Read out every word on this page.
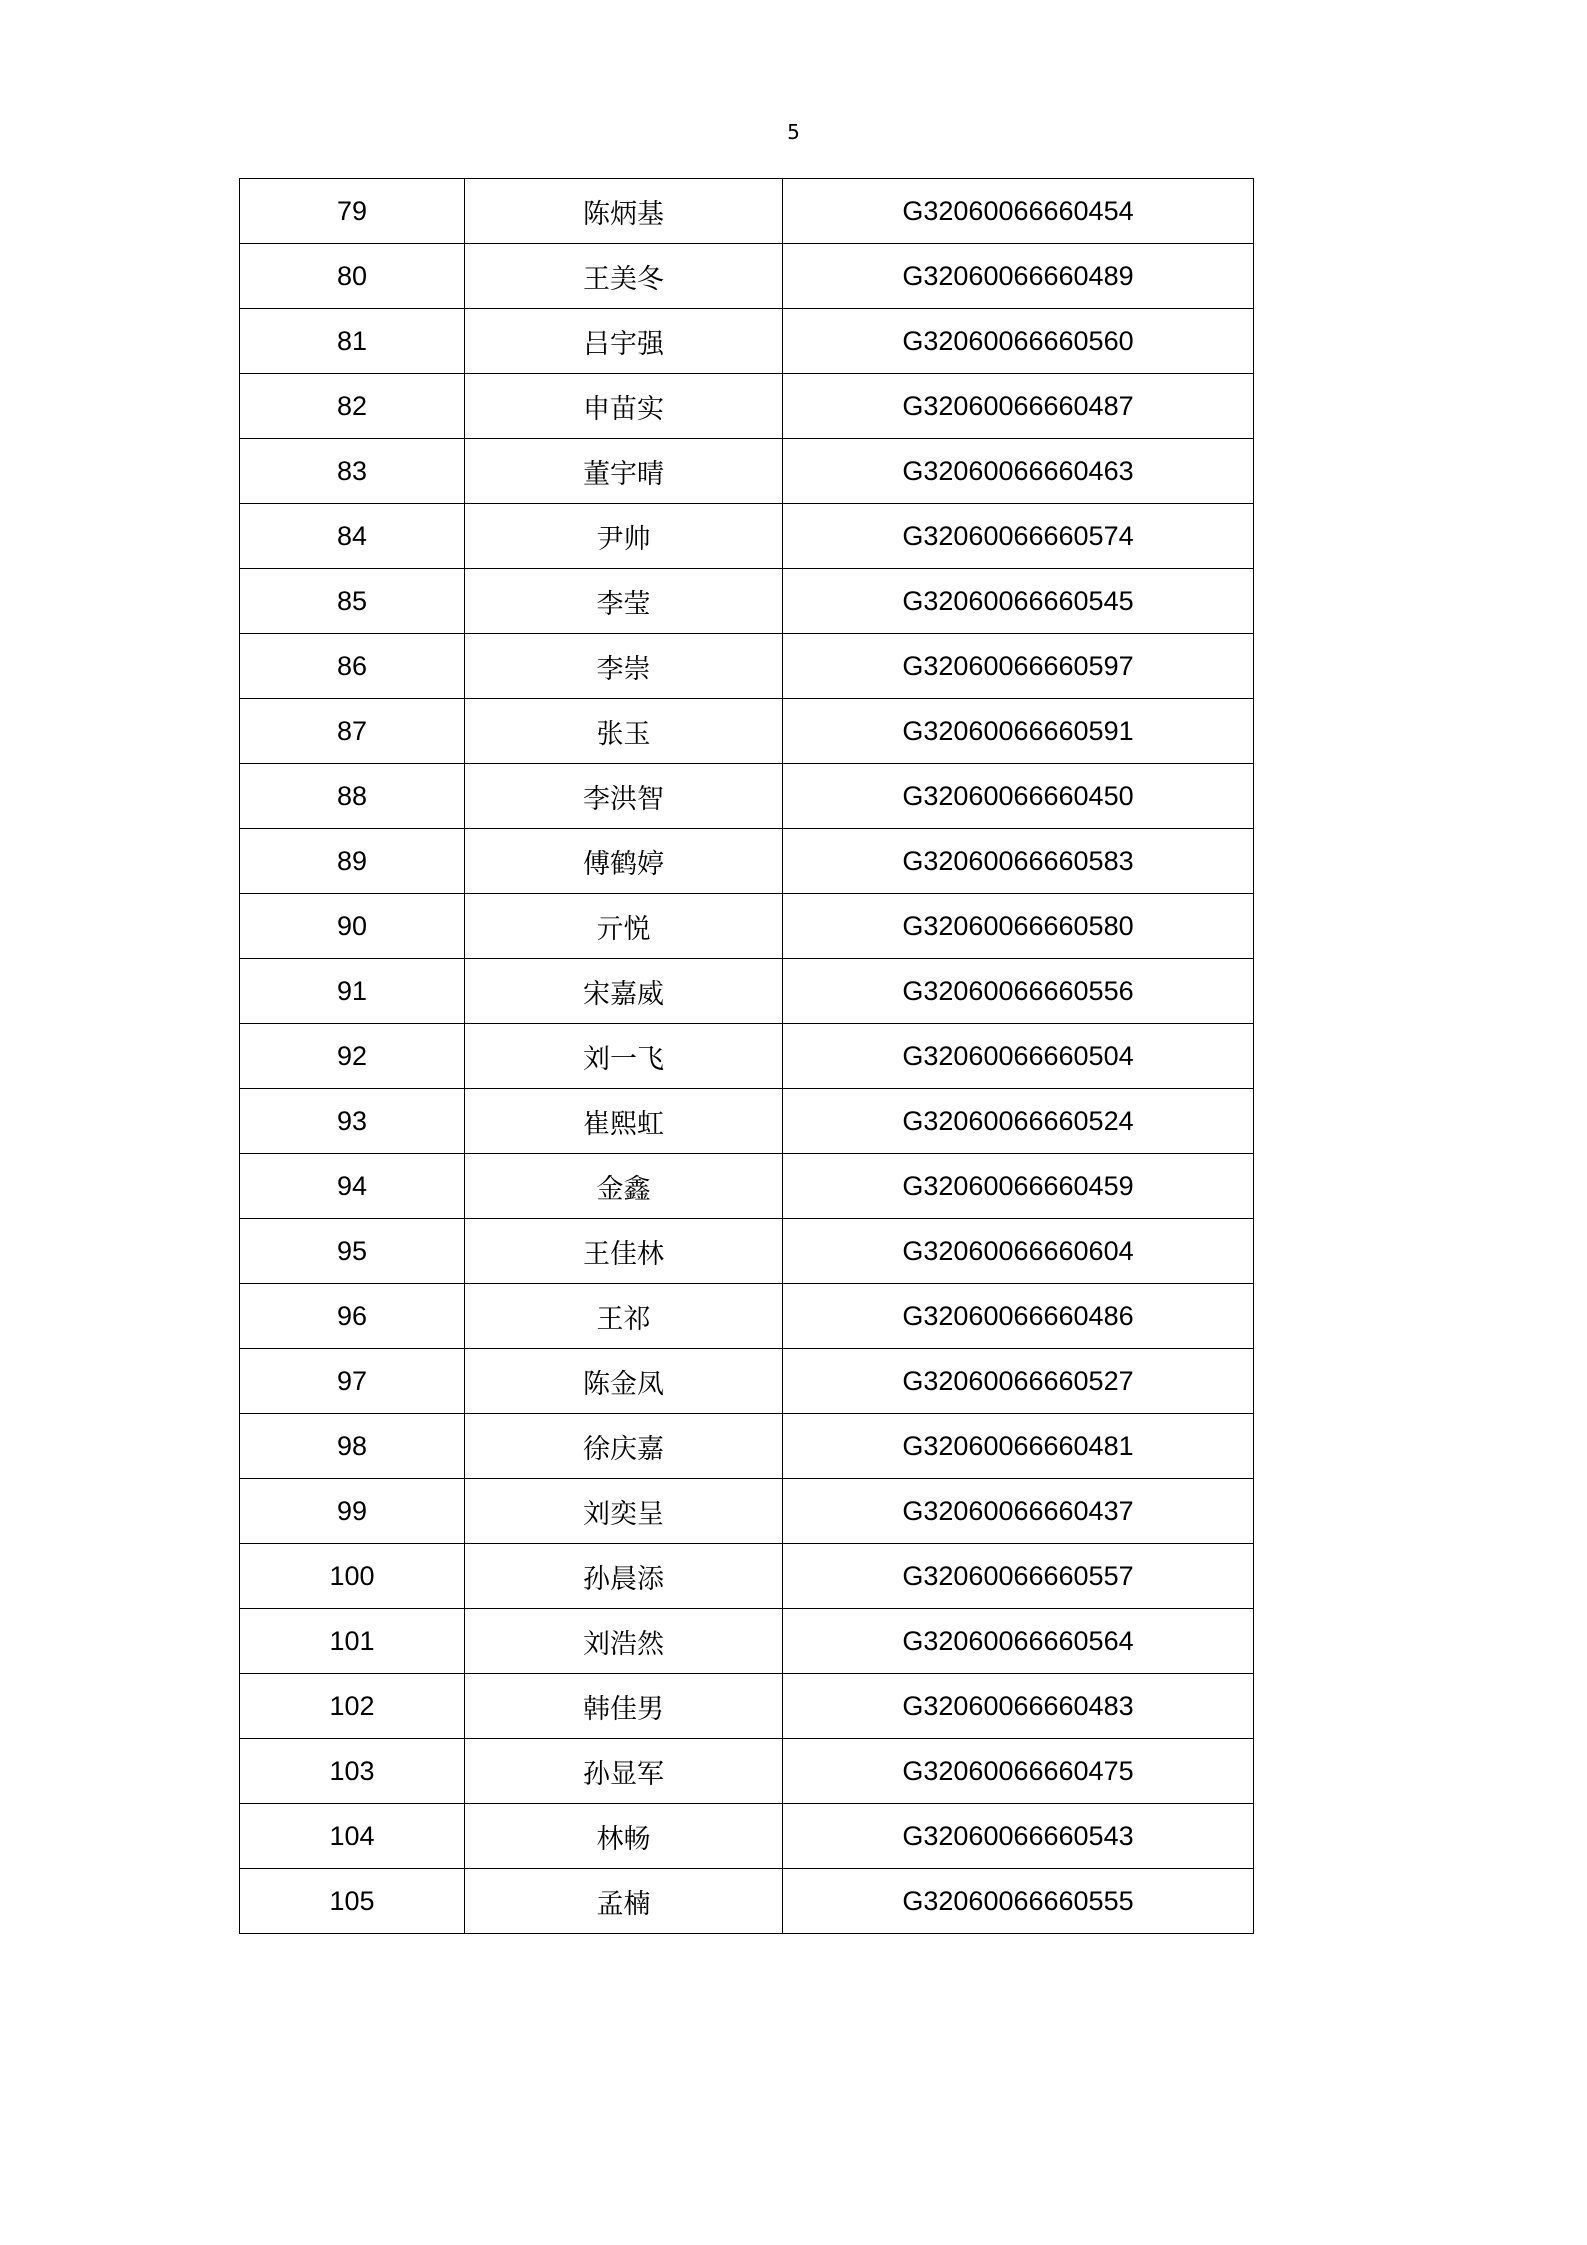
5
79	陈炳基	G32060066660454
80	王美冬	G32060066660489
81	吕宇强	G32060066660560
82	申苗实	G32060066660487
83	董宇晴	G32060066660463
84	尹帅	G32060066660574
85	李莹	G32060066660545
86	李崇	G32060066660597
87	张玉	G32060066660591
88	李洪智	G32060066660450
89	傅鹤婷	G32060066660583
90	亓悦	G32060066660580
91	宋嘉威	G32060066660556
92	刘一飞	G32060066660504
93	崔熙虹	G32060066660524
94	金鑫	G32060066660459
95	王佳林	G32060066660604
96	王祁	G32060066660486
97	陈金凤	G32060066660527
98	徐庆嘉	G32060066660481
99	刘奕呈	G32060066660437
100	孙晨添	G32060066660557
101	刘浩然	G32060066660564
102	韩佳男	G32060066660483
103	孙显军	G32060066660475
104	林畅	G32060066660543
105	孟楠	G32060066660555
